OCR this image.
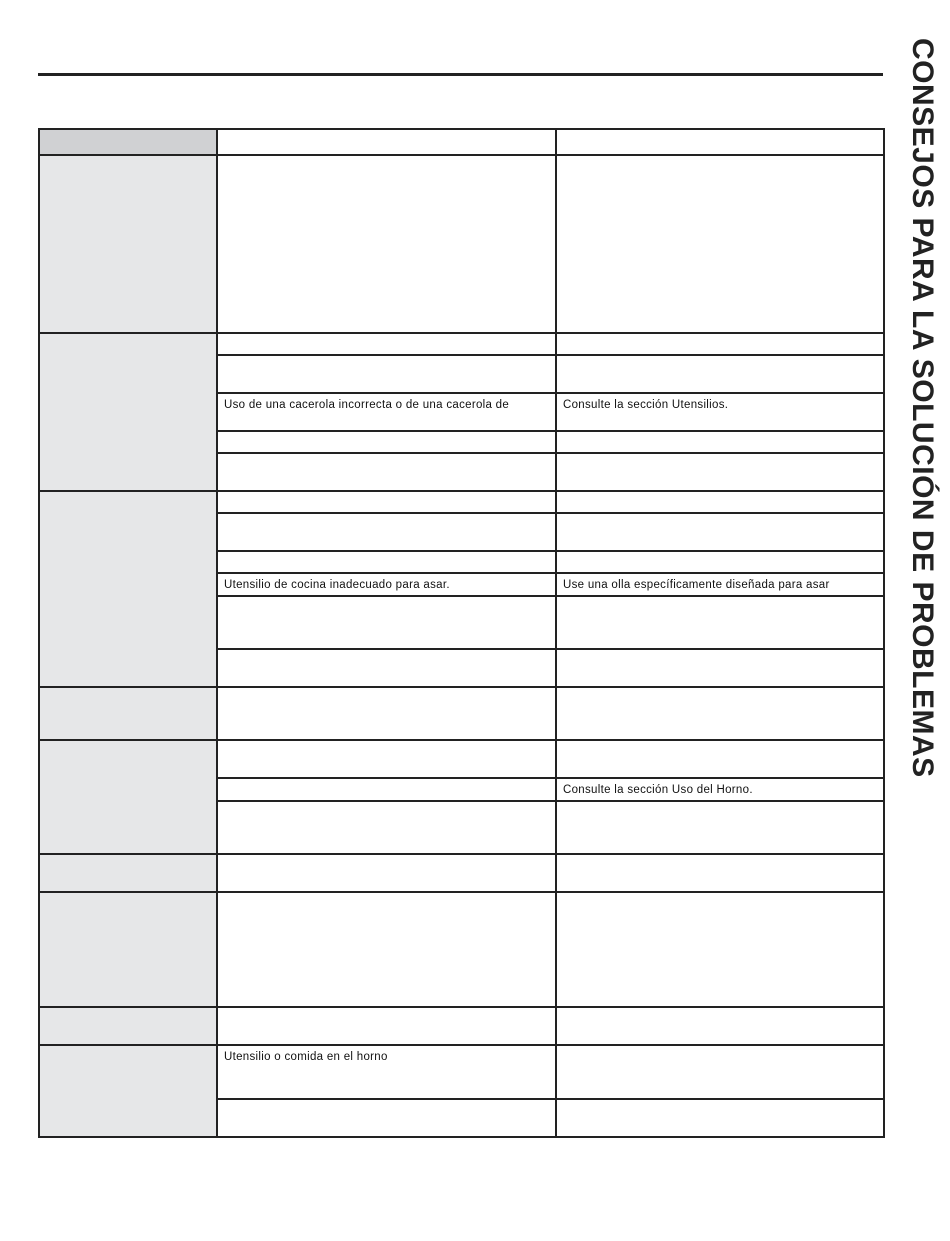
CONSEJOS PARA LA SOLUCIÓN DE PROBLEMAS

	Uso de una cacerola incorrecta o de una cacerola de	Consulte la sección Utensilios.

	Utensilio de cocina inadecuado para asar.	Use una olla específicamente diseñada para asar

		Consulte la sección Uso del Horno.

	Utensilio o comida en el horno	
